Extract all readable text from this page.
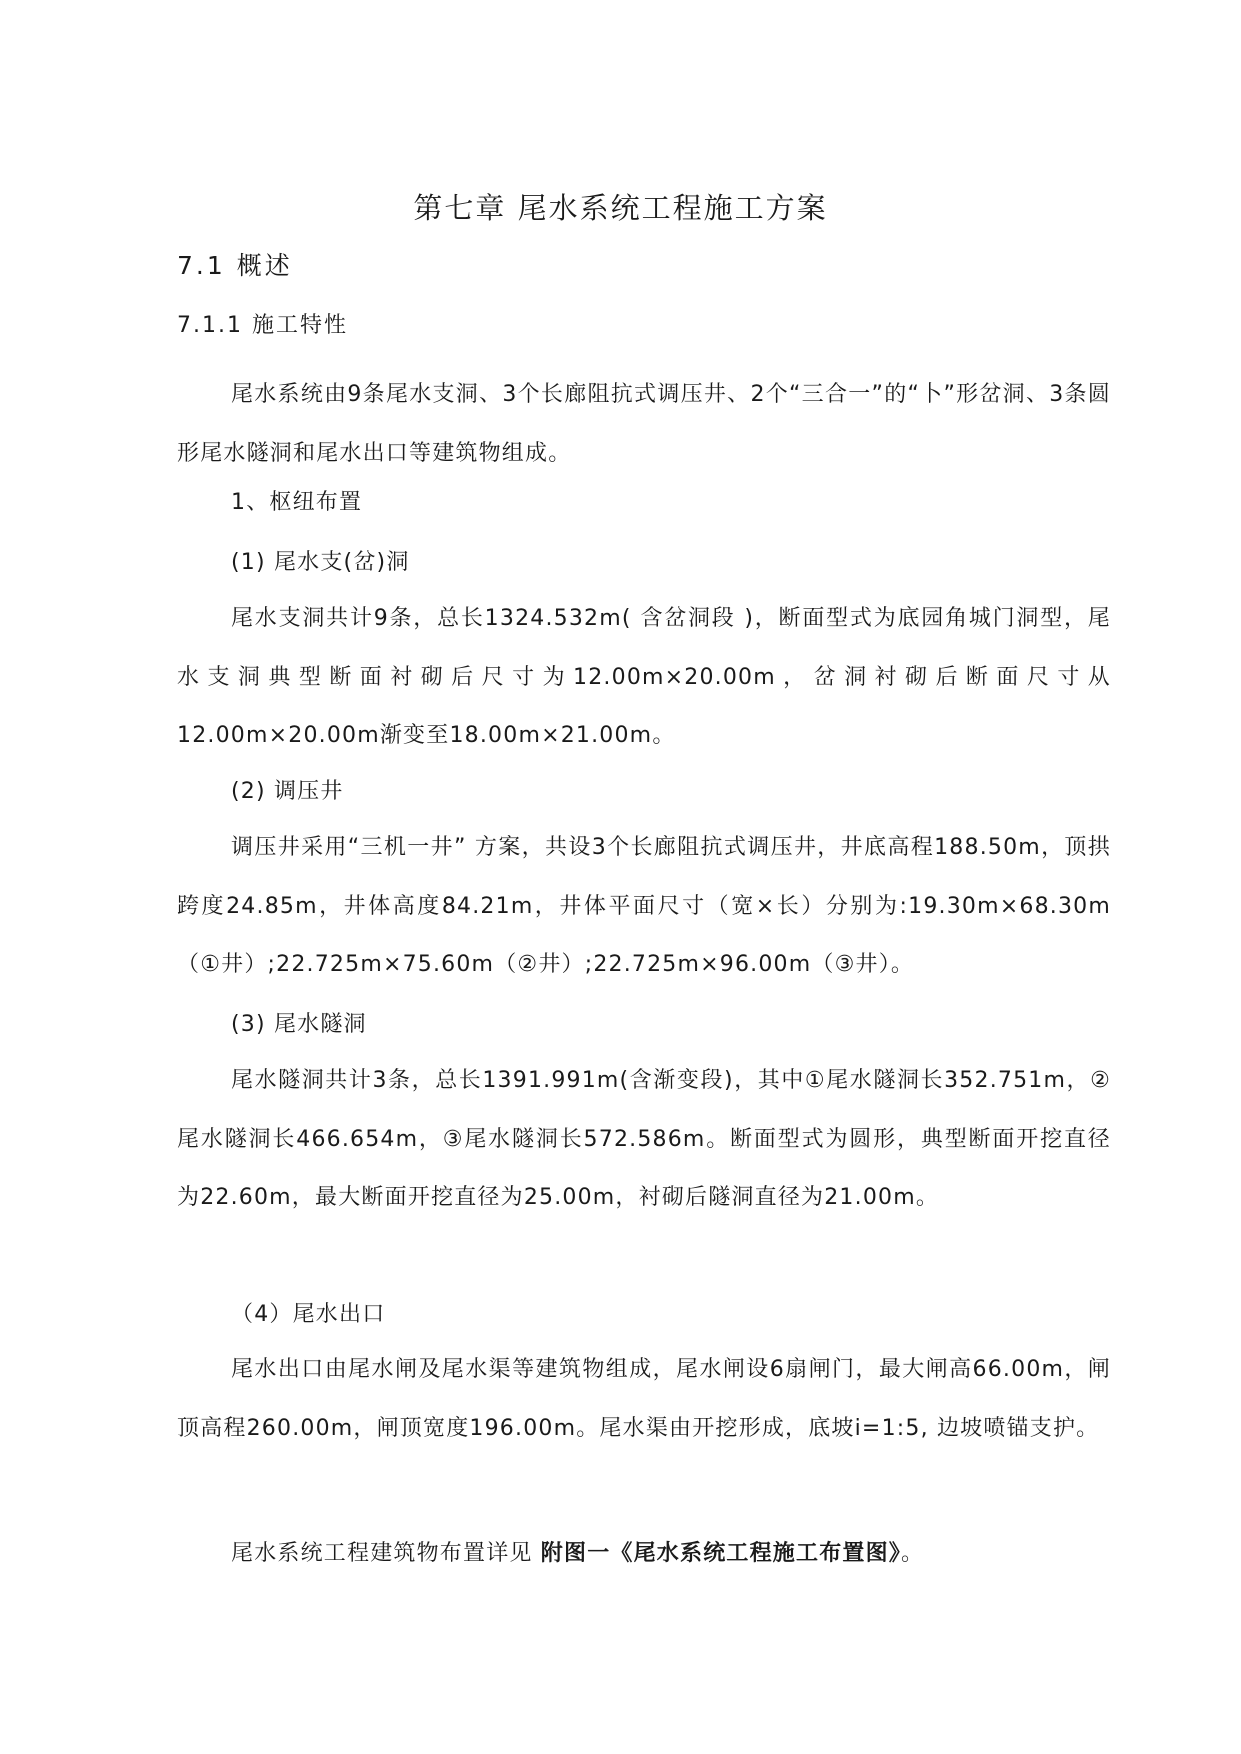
第七章 尾水系统工程施工方案
7.1 概述
7.1.1 施工特性
尾水系统由9条尾水支洞、3个长廊阻抗式调压井、2个“三合一”的“卜”形岔洞、3条圆形尾水隧洞和尾水出口等建筑物组成。
1、枢纽布置
(1) 尾水支(岔)洞
尾水支洞共计9条，总长1324.532m( 含岔洞段 )，断面型式为底园角城门洞型，尾水支洞典型断面衬砌后尺寸为12.00m×20.00m，岔洞衬砌后断面尺寸从12.00m×20.00m渐变至18.00m×21.00m。
(2) 调压井
调压井采用“三机一井” 方案，共设3个长廊阻抗式调压井，井底高程188.50m，顶拱跨度24.85m，井体高度84.21m，井体平面尺寸（宽×长）分别为:19.30m×68.30m（①井）;22.725m×75.60m（②井）;22.725m×96.00m（③井）。
(3) 尾水隧洞
尾水隧洞共计3条，总长1391.991m(含渐变段)，其中①尾水隧洞长352.751m，②尾水隧洞长466.654m，③尾水隧洞长572.586m。断面型式为圆形，典型断面开挖直径为22.60m，最大断面开挖直径为25.00m，衬砌后隧洞直径为21.00m。
（4）尾水出口
尾水出口由尾水闸及尾水渠等建筑物组成，尾水闸设6扇闸门，最大闸高66.00m，闸顶高程260.00m，闸顶宽度196.00m。尾水渠由开挖形成，底坡i=1:5, 边坡喷锚支护。
尾水系统工程建筑物布置详见 附图一《尾水系统工程施工布置图》。
